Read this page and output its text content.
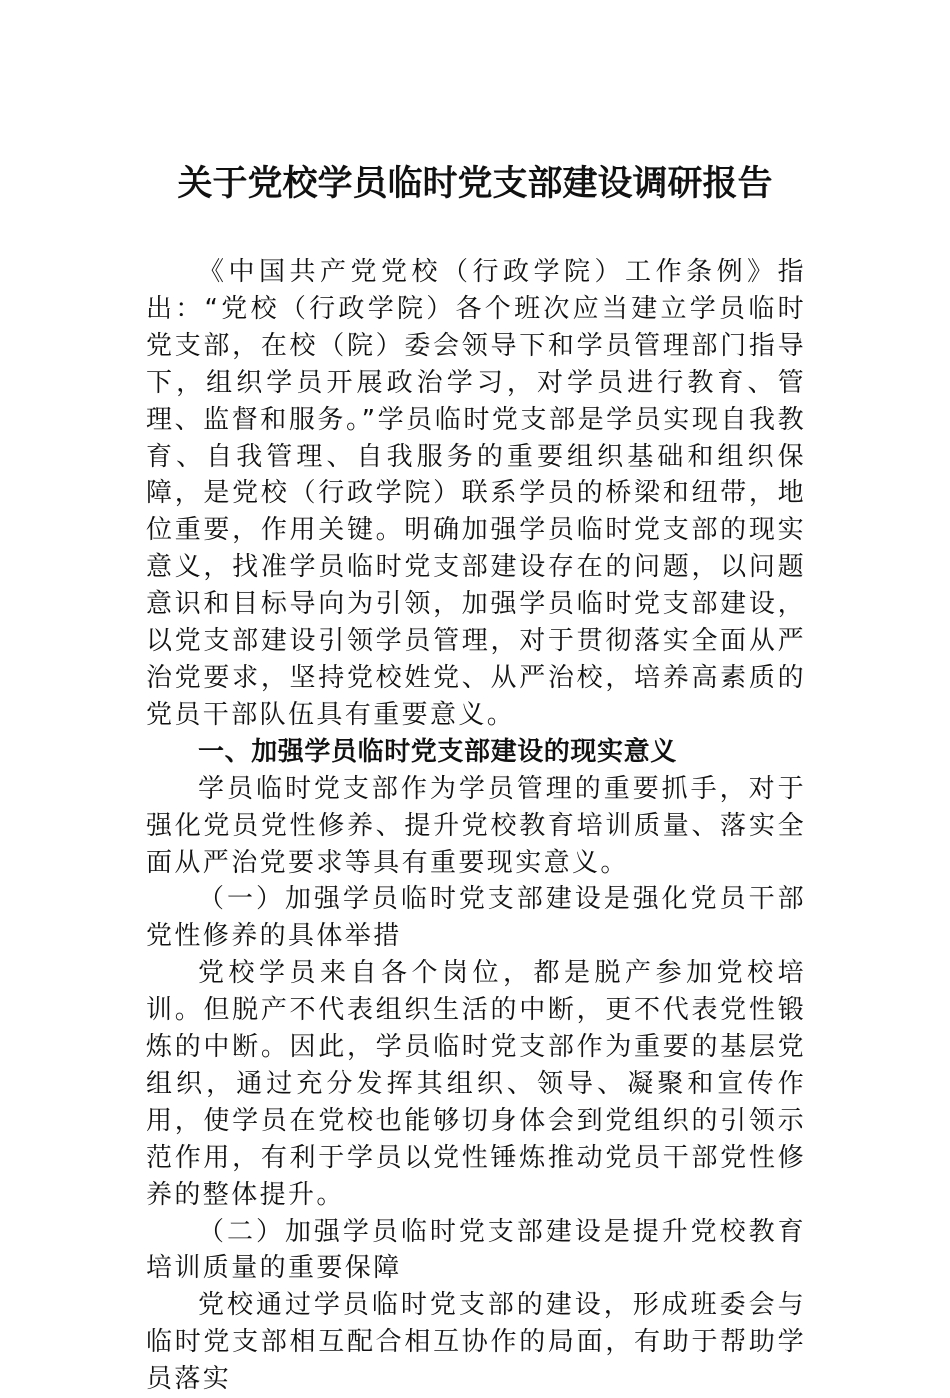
关于党校学员临时党支部建设调研报告

《中国共产党党校（行政学院）工作条例》指出：“党校（行政学院）各个班次应当建立学员临时党支部，在校（院）委会领导下和学员管理部门指导下，组织学员开展政治学习，对学员进行教育、管理、监督和服务。”学员临时党支部是学员实现自我教育、自我管理、自我服务的重要组织基础和组织保障，是党校（行政学院）联系学员的桥梁和纽带，地位重要，作用关键。明确加强学员临时党支部的现实意义，找准学员临时党支部建设存在的问题，以问题意识和目标导向为引领，加强学员临时党支部建设，以党支部建设引领学员管理，对于贯彻落实全面从严治党要求，坚持党校姓党、从严治校，培养高素质的党员干部队伍具有重要意义。

一、加强学员临时党支部建设的现实意义

学员临时党支部作为学员管理的重要抓手，对于强化党员党性修养、提升党校教育培训质量、落实全面从严治党要求等具有重要现实意义。

（一）加强学员临时党支部建设是强化党员干部党性修养的具体举措

党校学员来自各个岗位，都是脱产参加党校培训。但脱产不代表组织生活的中断，更不代表党性锻炼的中断。因此，学员临时党支部作为重要的基层党组织，通过充分发挥其组织、领导、凝聚和宣传作用，使学员在党校也能够切身体会到党组织的引领示范作用，有利于学员以党性锤炼推动党员干部党性修养的整体提升。

（二）加强学员临时党支部建设是提升党校教育培训质量的重要保障

党校通过学员临时党支部的建设，形成班委会与临时党支部相互配合相互协作的局面，有助于帮助学员落实
